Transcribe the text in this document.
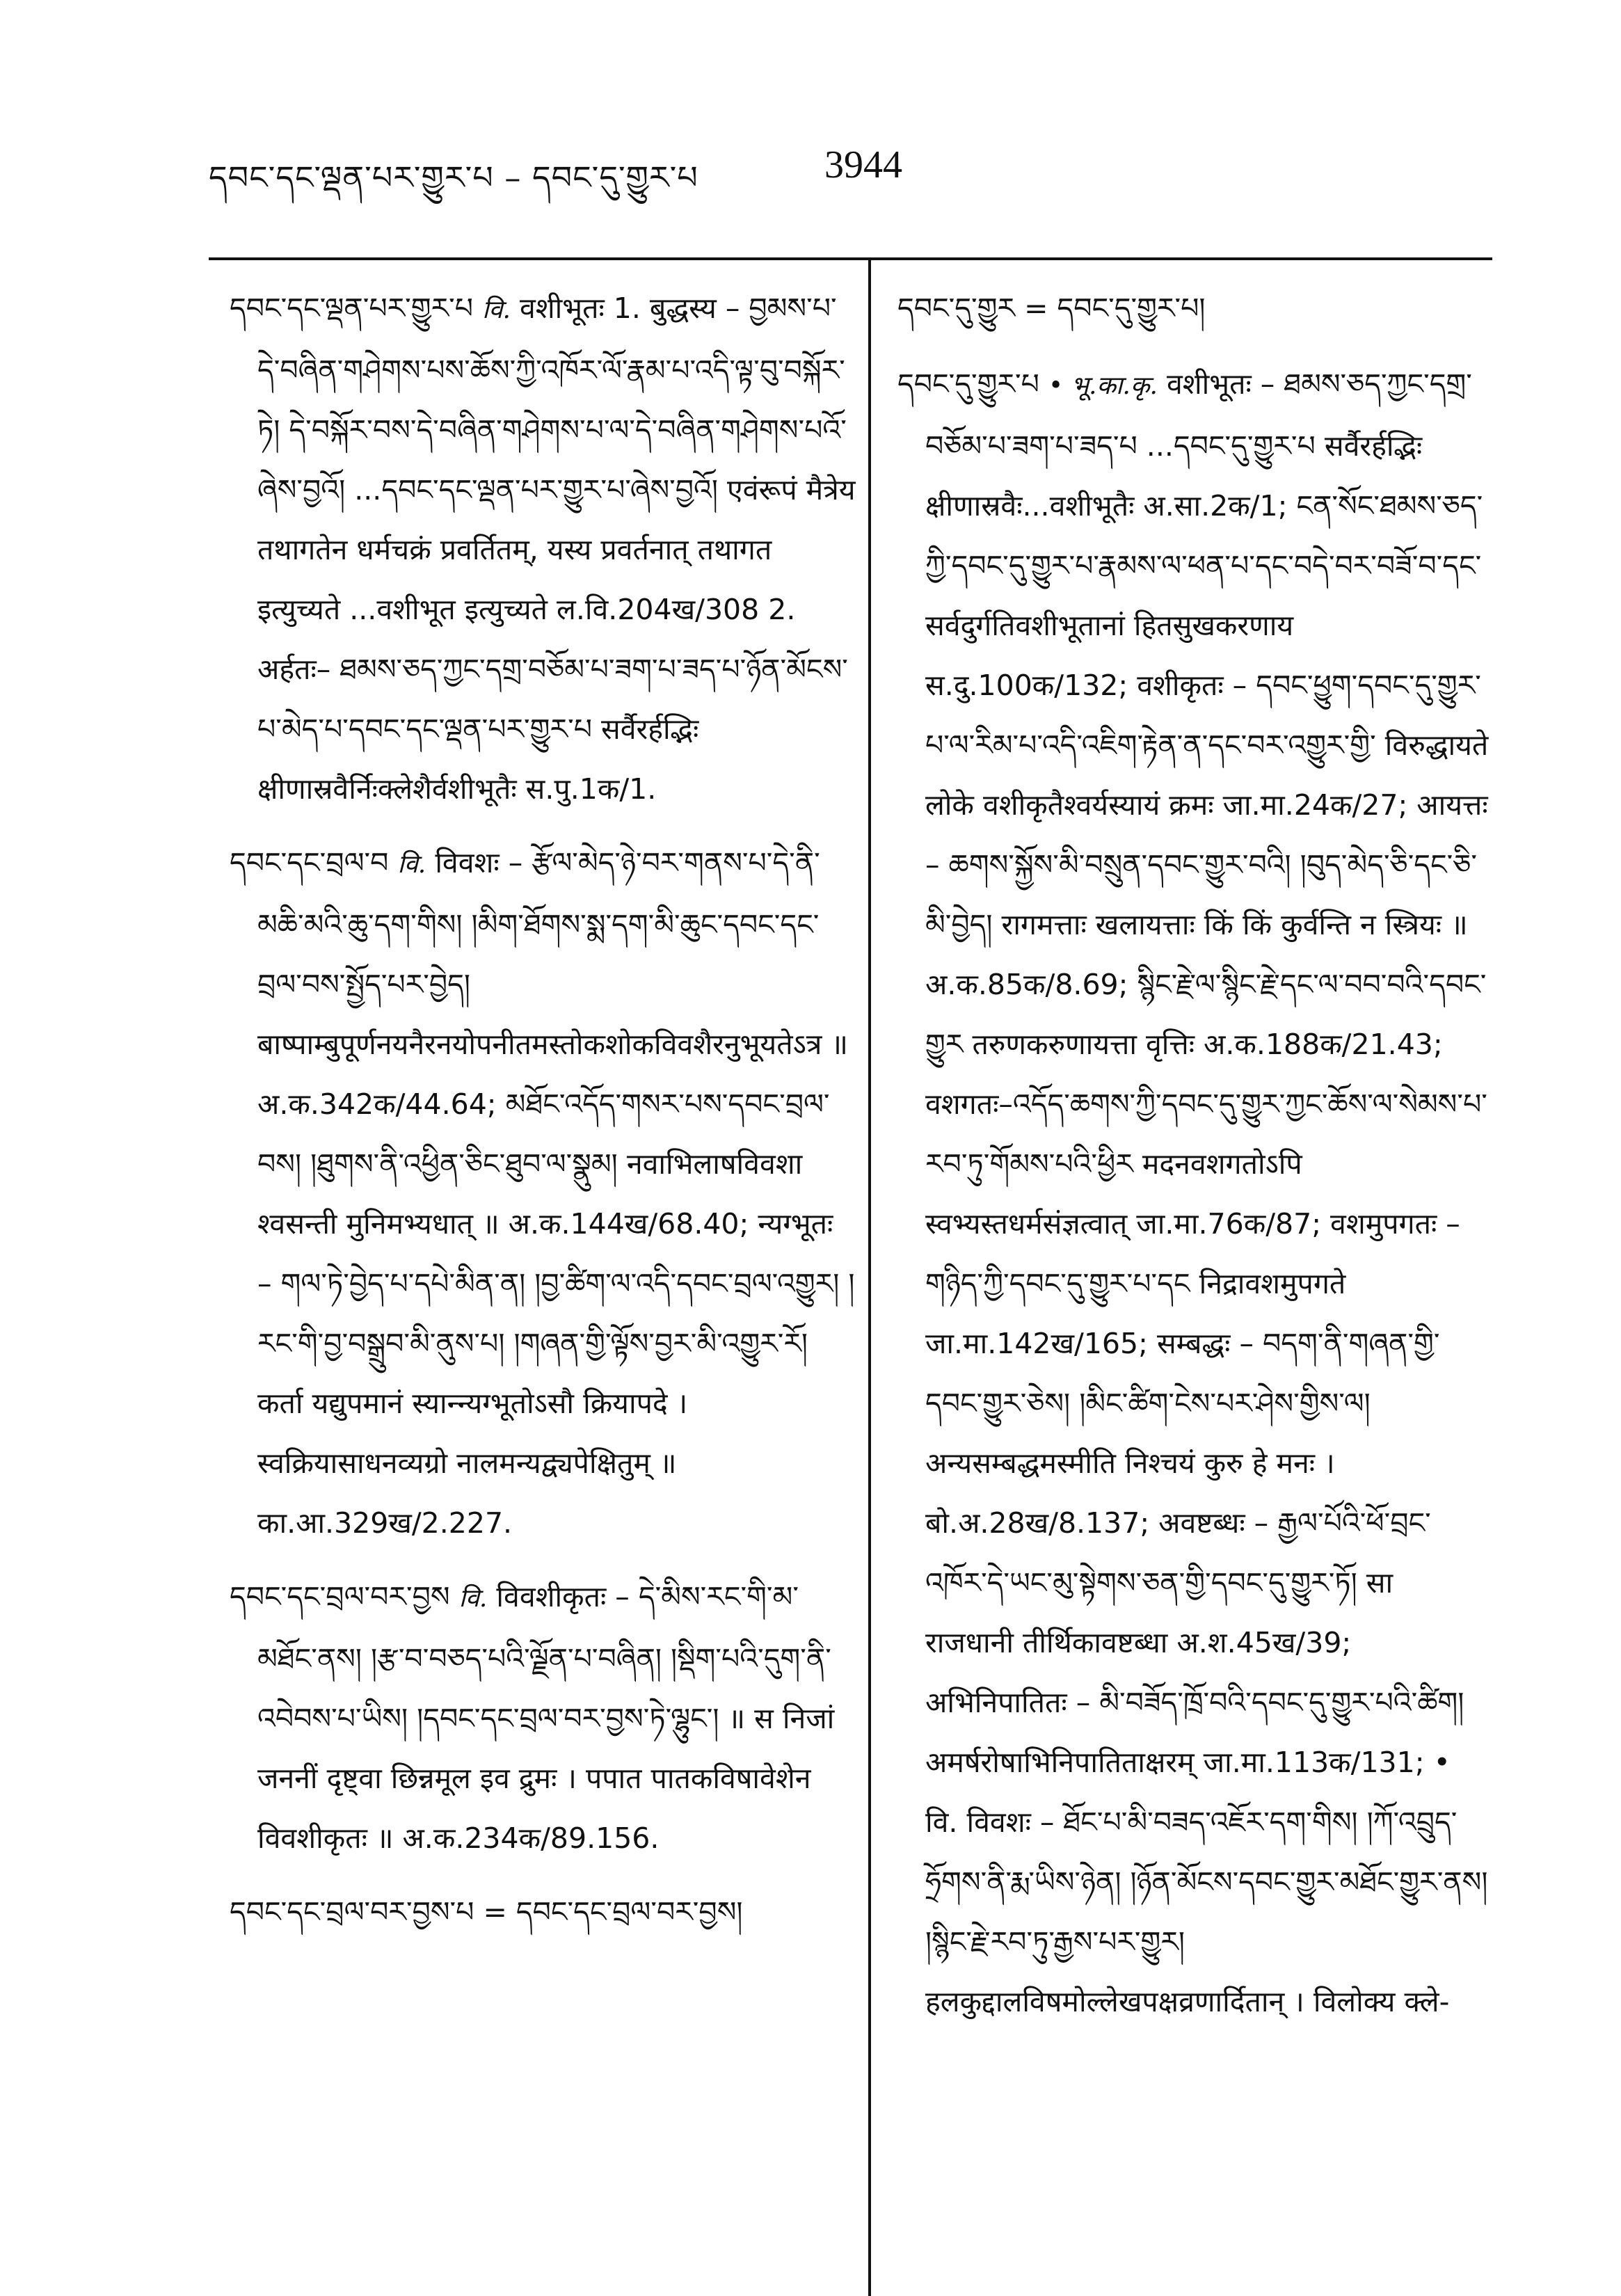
དབང་དང་ལྡན་པར་གྱུར་པ – དབང་དུ་གྱུར་པ	3944
དབང་དང་ལྡན་པར་གྱུར་པ वि. वशीभूतः 1. बुद्धस्य – བྱམས་པ་དེ་བཞིན་གཤེགས་པས་ཆོས་ཀྱི་འཁོར་ལོ་རྣམ་པ་འདི་ལྟ་བུ་བསྐོར་ཏེ། དེ་བསྐོར་བས་དེ་བཞིན་གཤེགས་པ་ལ་དེ་བཞིན་གཤེགས་པའོ་ཞེས་བྱའོ། ...དབང་དང་ལྡན་པར་གྱུར་པ་ཞེས་བྱའོ། एवंरूपं मैत्रेय तथागतेन धर्मचक्रं प्रवर्तितम्, यस्य प्रवर्तनात् तथागत इत्युच्यते ...वशीभूत इत्युच्यते ल.वि.204ख/308 2. अर्हतः– ཐམས་ཅད་ཀྱང་དགྲ་བཅོམ་པ་ཟག་པ་ཟད་པ་ཉོན་མོངས་པ་མེད་པ་དབང་དང་ལྡན་པར་གྱུར་པ सर्वैरर्हद्भिः क्षीणास्रवैर्निःक्लेशैर्वशीभूतैः स.पु.1क/1.
དབང་དང་བྲལ་བ वि. विवशः – རྩོལ་མེད་ཉེ་བར་གནས་པ་དེ་ནི་མཆི་མའི་ཆུ་དག་གིས། །མིག་ཐོགས་སྨ་དག་མི་ཆུང་དབང་དང་བྲལ་བས་སྤྱོད་པར་བྱེད། बाष्पाम्बुपूर्णनयनैरनयोपनीतमस्तोकशोकविवशैरनुभूयतेऽत्र ॥ अ.क.342क/44.64; མཐོང་འདོད་གསར་པས་དབང་བྲལ་བས། །ཐུགས་ནི་འཕྱིན་ཅིང་ཐུབ་ལ་སྣུམ། नवाभिलाषविवशा श्वसन्ती मुनिमभ्यधात् ॥ अ.क.144ख/68.40; न्यग्भूतः – གལ་ཏེ་བྱེད་པ་དཔེ་མིན་ན། །བྱ་ཚིག་ལ་འདི་དབང་བྲལ་འགྱུར། །རང་གི་བྱ་བསྒྲུབ་མི་ནུས་པ། །གཞན་གྱི་ལྟོས་བྱར་མི་འགྱུར་རོ། कर्ता यद्युपमानं स्यान्न्यग्भूतोऽसौ क्रियापदे । स्वक्रियासाधनव्यग्रो नालमन्यद्व्यपेक्षितुम् ॥ का.आ.329ख/2.227.
དབང་དང་བྲལ་བར་བྱས वि. विवशीकृतः – དེ་མིས་རང་གི་མ་མཐོང་ནས། །རྩ་བ་བཅད་པའི་ལྗོན་པ་བཞིན། །སྡིག་པའི་དུག་ནི་འབེབས་པ་ཡིས། །དབང་དང་བྲལ་བར་བྱས་ཏེ་ལྷུང་། ॥ स निजां जननीं दृष्ट्वा छिन्नमूल इव द्रुमः । पपात पातकविषावेशेन विवशीकृतः ॥ अ.क.234क/89.156.
དབང་དང་བྲལ་བར་བྱས་པ = དབང་དང་བྲལ་བར་བྱས།
དབང་དུ་གྱུར = དབང་དུ་གྱུར་པ།
དབང་དུ་གྱུར་པ • भू.का.कृ. वशीभूतः – ཐམས་ཅད་ཀྱང་དགྲ་བཅོམ་པ་ཟག་པ་ཟད་པ ...དབང་དུ་གྱུར་པ सर्वैरर्हद्भिः क्षीणास्रवैः...वशीभूतैः अ.सा.2क/1; ངན་སོང་ཐམས་ཅད་ཀྱི་དབང་དུ་གྱུར་པ་རྣམས་ལ་ཕན་པ་དང་བདེ་བར་བཟོ་བ་དང་ सर्वदुर्गतिवशीभूतानां हितसुखकरणाय स.दु.100क/132; वशीकृतः – དབང་ཕྱུག་དབང་དུ་གྱུར་པ་ལ་རིམ་པ་འདི་འཇིག་རྟེན་ན་དང་བར་འགྱུར་གྱི་ विरुद्धायते लोके वशीकृतैश्वर्यस्यायं क्रमः जा.मा.24क/27; आयत्तः – ཆགས་སྐྱོས་མི་བསྲུན་དབང་གྱུར་བའི། །བུད་མེད་ཅི་དང་ཅི་མི་བྱེད། रागमत्ताः खलायत्ताः किं किं कुर्वन्ति न स्त्रियः ॥ अ.क.85क/8.69; སྙིང་རྗེ་ལ་སྙིང་རྗེ་དང་ལ་བབ་བའི་དབང་གྱུར तरुणकरुणायत्ता वृत्तिः अ.क.188क/21.43; वशगतः–འདོད་ཆགས་ཀྱི་དབང་དུ་གྱུར་ཀྱང་ཆོས་ལ་སེམས་པ་རབ་ཏུ་གོམས་པའི་ཕྱིར मदनवशगतोऽपि स्वभ्यस्तधर्मसंज्ञत्वात् जा.मा.76क/87; वशमुपगतः – གཉིད་ཀྱི་དབང་དུ་གྱུར་པ་དང निद्रावशमुपगते जा.मा.142ख/165; सम्बद्धः – བདག་ནི་གཞན་གྱི་དབང་གྱུར་ཅེས། །མིང་ཚིག་ངེས་པར་ཤེས་གྱིས་ལ། अन्यसम्बद्धमस्मीति निश्चयं कुरु हे मनः । बो.अ.28ख/8.137; अवष्टब्धः – རྒྱལ་པོའི་ཕོ་བྲང་འཁོར་དེ་ཡང་མུ་སྟེགས་ཅན་གྱི་དབང་དུ་གྱུར་ཏོ། सा राजधानी तीर्थिकावष्टब्धा अ.श.45ख/39; अभिनिपातितः – མི་བཟོད་ཁྲོ་བའི་དབང་དུ་གྱུར་པའི་ཚིག། अमर्षरोषाभिनिपातिताक्षरम् जा.मा.113क/131; • वि. विवशः – ཐོང་པ་མི་བཟད་འཇོར་དག་གིས། །ཀོ་འབྲུད་ཧྲོགས་ནི་རྨ་ཡིས་ཉེན། །ཉོན་མོངས་དབང་གྱུར་མཐོང་གྱུར་ནས། །སྙིང་རྗེ་རབ་ཏུ་རྒྱས་པར་གྱུར། हलकुद्दालविषमोल्लेखपक्षव्रणार्दितान् । विलोक्य क्ले-
